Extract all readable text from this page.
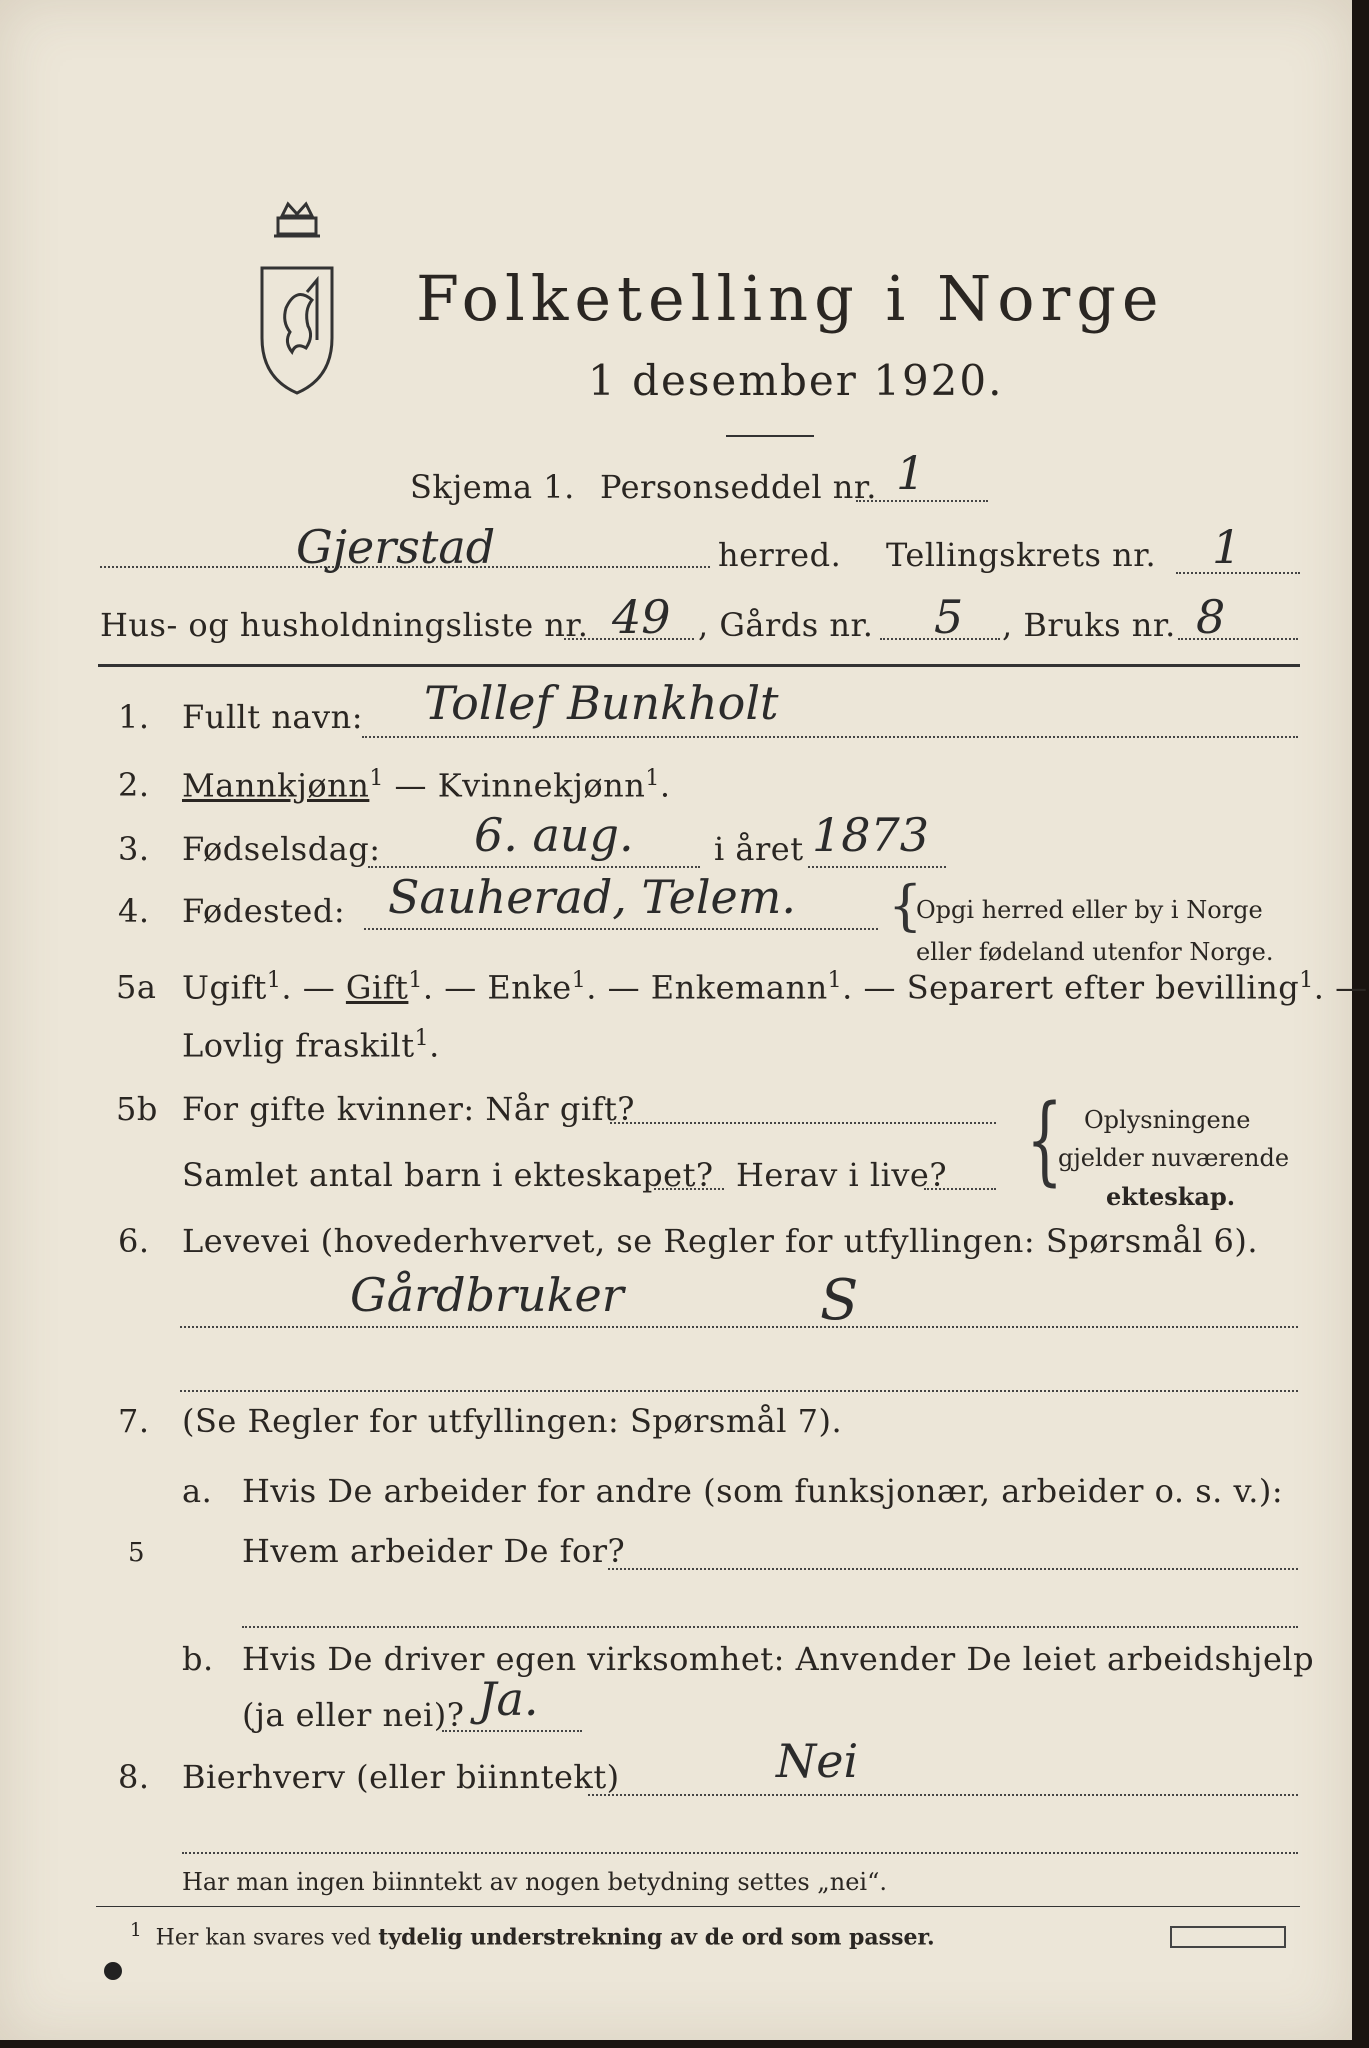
Folketelling i Norge
1 desember 1920.
Skjema 1. Personseddel nr. 1
Gjerstad	herred. Tellingskrets nr. 1
Hus- og husholdningsliste nr. 49 , Gårds nr. 5 , Bruks nr. 8
1. Fullt navn: Tollef Bunkholt
2. Mannkjønn$^1$ — Kvinnekjønn$^1$.
3. Fødselsdag: 6. aug.	i året 1873
4. Fødested: Sauherad, Telem. {
Opgi herred eller by i Norge
eller fødeland utenfor Norge.
5a Ugift$^1$. — Gift$^1$. — Enke$^1$. — Enkemann$^1$. — Separert efter bevilling$^1$. —
Lovlig fraskilt$^1$.
5b For gifte kvinner: Når gift?
Samlet antal barn i ekteskapet? Herav i live? { Oplysningene
gjelder nuværende
ekteskap.
6. Levevei (hovederhvervet, se Regler for utfyllingen: Spørsmål 6).
Gårdbruker	S
7. (Se Regler for utfyllingen: Spørsmål 7).
a. Hvis De arbeider for andre (som funksjonær, arbeider o. s. v.):
Hvem arbeider De for?
b. Hvis De driver egen virksomhet: Anvender De leiet arbeidshjelp
(ja eller nei)? Ja.
8. Bierhverv (eller biinntekt)	Nei
Har man ingen biinntekt av nogen betydning settes „nei“.
$^1$ Her kan svares ved tydelig understrekning av de ord som passer.
5
